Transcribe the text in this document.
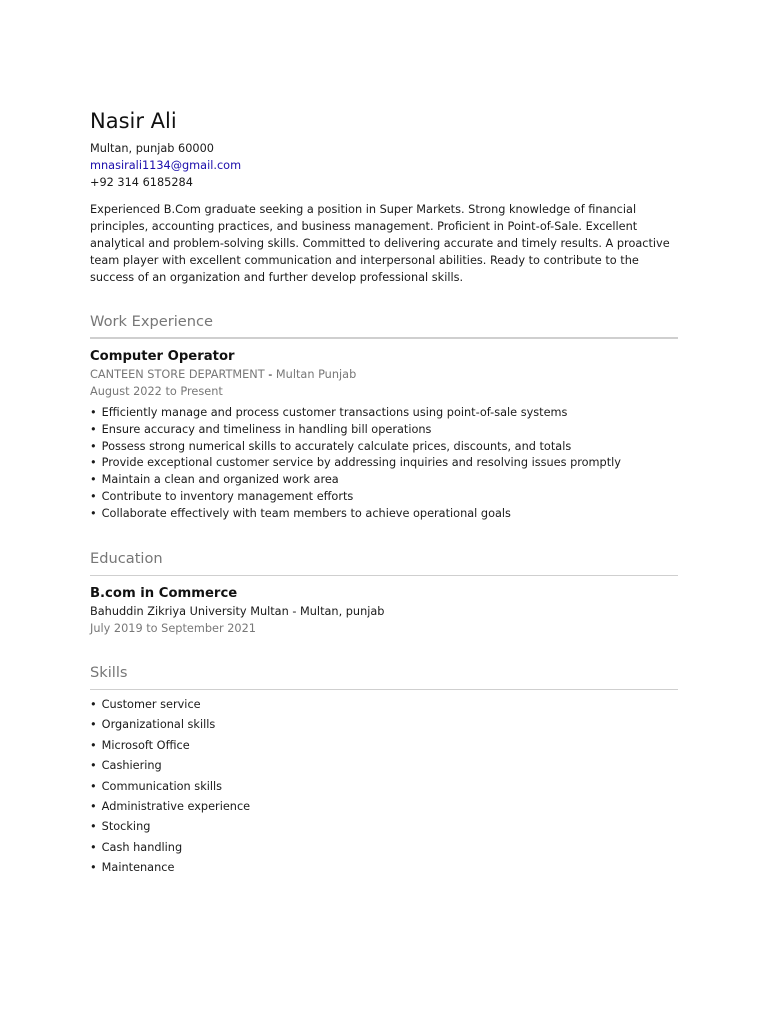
Nasir Ali
Multan, punjab 60000
mnasirali1134@gmail.com
+92 314 6185284
Experienced B.Com graduate seeking a position in Super Markets. Strong knowledge of financial principles, accounting practices, and business management. Proficient in Point-of-Sale. Excellent analytical and problem-solving skills. Committed to delivering accurate and timely results. A proactive team player with excellent communication and interpersonal abilities. Ready to contribute to the success of an organization and further develop professional skills.
Work Experience
Computer Operator
CANTEEN STORE DEPARTMENT - Multan Punjab
August 2022 to Present
• Efficiently manage and process customer transactions using point-of-sale systems
• Ensure accuracy and timeliness in handling bill operations
• Possess strong numerical skills to accurately calculate prices, discounts, and totals
• Provide exceptional customer service by addressing inquiries and resolving issues promptly
• Maintain a clean and organized work area
• Contribute to inventory management efforts
• Collaborate effectively with team members to achieve operational goals
Education
B.com in Commerce
Bahuddin Zikriya University Multan - Multan, punjab
July 2019 to September 2021
Skills
• Customer service
• Organizational skills
• Microsoft Office
• Cashiering
• Communication skills
• Administrative experience
• Stocking
• Cash handling
• Maintenance
